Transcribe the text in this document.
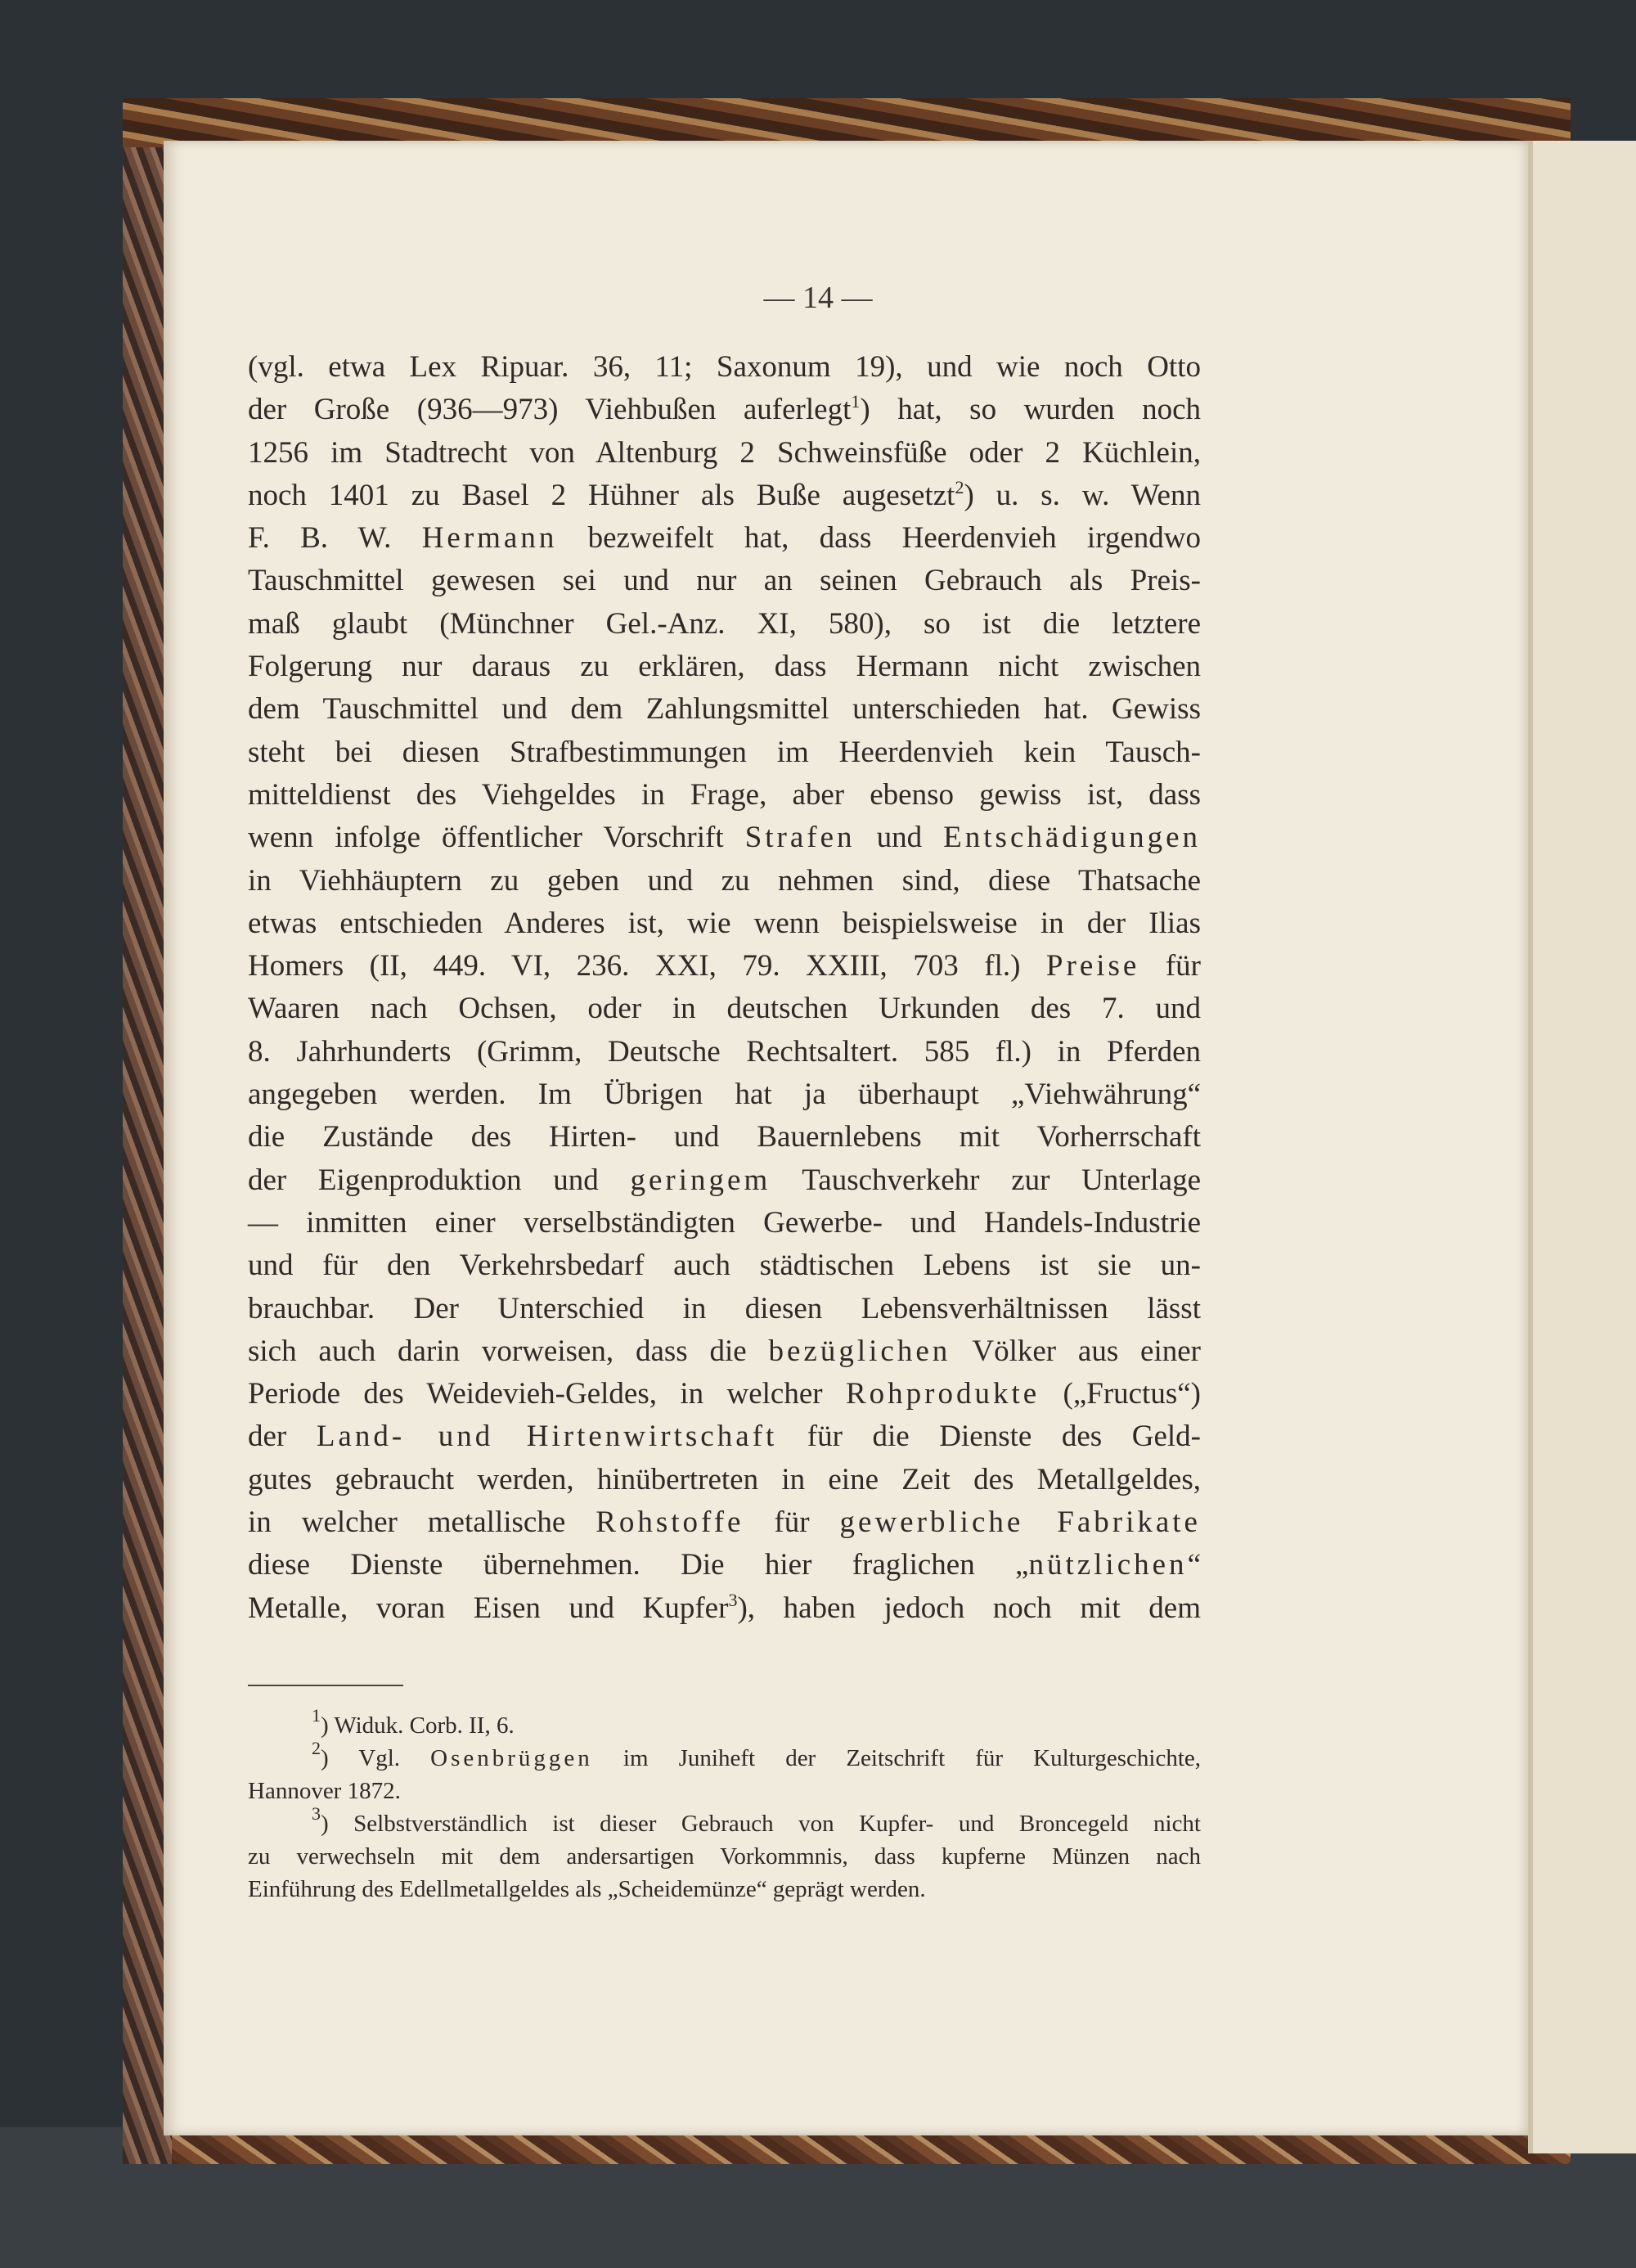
— 14 —
(vgl. etwa Lex Ripuar. 36, 11; Saxonum 19), und wie noch Otto
der Große (936—973) Viehbußen auferlegt$^1$) hat, so wurden noch
1256 im Stadtrecht von Altenburg 2 Schweinsfüße oder 2 Küchlein,
noch 1401 zu Basel 2 Hühner als Buße augesetzt$^2$) u. s. w. Wenn
F. B. W. Hermann bezweifelt hat, dass Heerdenvieh irgendwo
Tauschmittel gewesen sei und nur an seinen Gebrauch als Preis-
maß glaubt (Münchner Gel.-Anz. XI, 580), so ist die letztere
Folgerung nur daraus zu erklären, dass Hermann nicht zwischen
dem Tauschmittel und dem Zahlungsmittel unterschieden hat. Gewiss
steht bei diesen Strafbestimmungen im Heerdenvieh kein Tausch-
mitteldienst des Viehgeldes in Frage, aber ebenso gewiss ist, dass
wenn infolge öffentlicher Vorschrift Strafen und Entschädigungen
in Viehhäuptern zu geben und zu nehmen sind, diese Thatsache
etwas entschieden Anderes ist, wie wenn beispielsweise in der Ilias
Homers (II, 449. VI, 236. XXI, 79. XXIII, 703 fl.) Preise für
Waaren nach Ochsen, oder in deutschen Urkunden des 7. und
8. Jahrhunderts (Grimm, Deutsche Rechtsaltert. 585 fl.) in Pferden
angegeben werden. Im Übrigen hat ja überhaupt „Viehwährung“
die Zustände des Hirten- und Bauernlebens mit Vorherrschaft
der Eigenproduktion und geringem Tauschverkehr zur Unterlage
— inmitten einer verselbständigten Gewerbe- und Handels-Industrie
und für den Verkehrsbedarf auch städtischen Lebens ist sie un-
brauchbar. Der Unterschied in diesen Lebensverhältnissen lässt
sich auch darin vorweisen, dass die bezüglichen Völker aus einer
Periode des Weidevieh-Geldes, in welcher Rohprodukte („Fructus“)
der Land- und Hirtenwirtschaft für die Dienste des Geld-
gutes gebraucht werden, hinübertreten in eine Zeit des Metallgeldes,
in welcher metallische Rohstoffe für gewerbliche Fabrikate
diese Dienste übernehmen. Die hier fraglichen „nützlichen“
Metalle, voran Eisen und Kupfer$^3$), haben jedoch noch mit dem
$^1$) Widuk. Corb. II, 6.
$^2$) Vgl. Osenbrüggen im Juniheft der Zeitschrift für Kulturgeschichte,
Hannover 1872.
$^3$) Selbstverständlich ist dieser Gebrauch von Kupfer- und Broncegeld nicht
zu verwechseln mit dem andersartigen Vorkommnis, dass kupferne Münzen nach
Einführung des Edellmetallgeldes als „Scheidemünze“ geprägt werden.
